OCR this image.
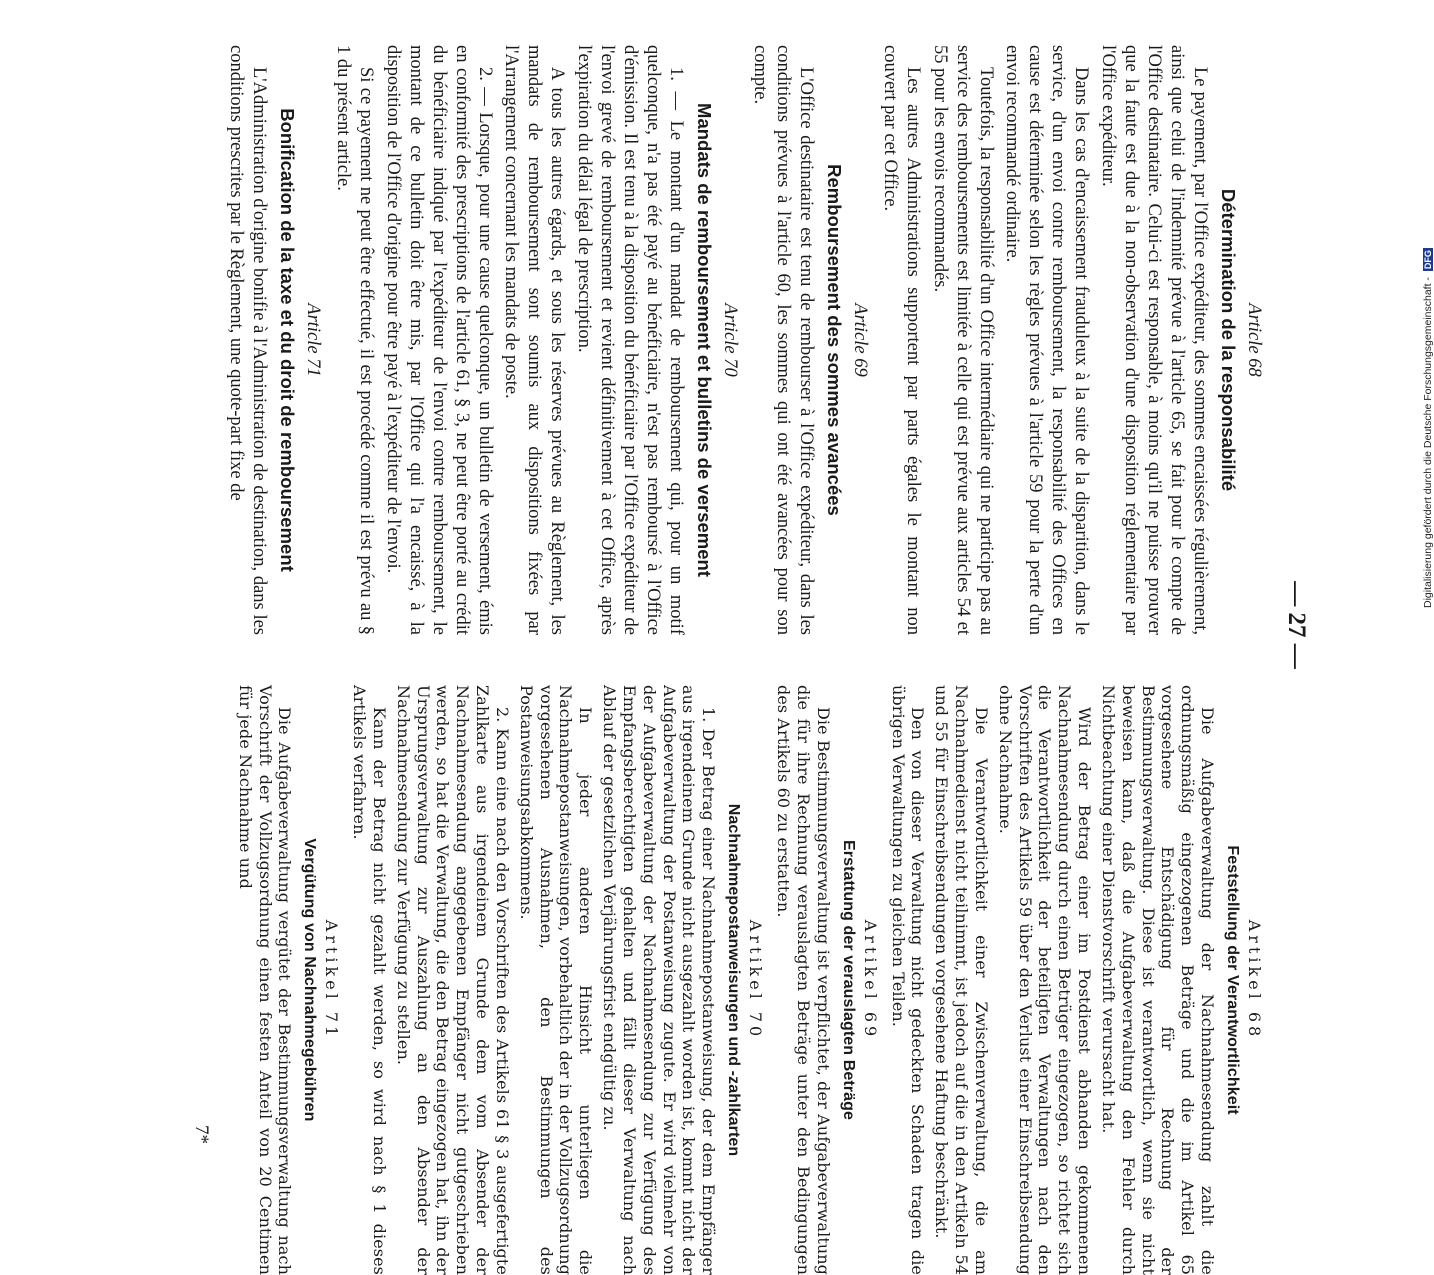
— 27 —
Article 68
Détermination de la responsabilité

Le payement, par l'Office expéditeur, des sommes encaissées régulièrement, ainsi que celui de l'indemnité prévue à l'article 65, se fait pour le compte de l'Office destinataire. Celui-ci est responsable, à moins qu'il ne puisse prouver que la faute est due à la non-observation d'une disposition réglementaire par l'Office expéditeur.

Dans les cas d'encaissement frauduleux à la suite de la disparition, dans le service, d'un envoi contre remboursement, la responsabilité des Offices en cause est déterminée selon les règles prévues à l'article 59 pour la perte d'un envoi recommandé ordinaire.

Toutefois, la responsabilité d'un Office intermédiaire qui ne participe pas au service des remboursements est limitée à celle qui est prévue aux articles 54 et 55 pour les envois recommandés.

Les autres Administrations supportent par parts égales le montant non couvert par cet Office.

Article 69
Remboursement des sommes avancées

L'Office destinataire est tenu de rembourser à l'Office expéditeur, dans les conditions prévues à l'article 60, les sommes qui ont été avancées pour son compte.

Article 70
Mandats de remboursement et bulletins de versement

1. — Le montant d'un mandat de remboursement qui, pour un motif quelconque, n'a pas été payé au bénéficiaire, n'est pas remboursé à l'Office d'émission. Il est tenu à la disposition du bénéficiaire par l'Office expéditeur de l'envoi grevé de remboursement et revient définitivement à cet Office, après l'expiration du délai légal de prescription.

A tous les autres égards, et sous les réserves prévues au Règlement, les mandats de remboursement sont soumis aux dispositions fixées par l'Arrangement concernant les mandats de poste.

2. — Lorsque, pour une cause quelconque, un bulletin de versement, émis en conformité des prescriptions de l'article 61, § 3, ne peut être porté au crédit du bénéficiaire indiqué par l'expéditeur de l'envoi contre remboursement, le montant de ce bulletin doit être mis, par l'Office qui l'a encaissé, à la disposition de l'Office d'origine pour être payé à l'expéditeur de l'envoi.

Si ce payement ne peut être effectué, il est procédé comme il est prévu au § 1 du présent article.

Article 71
Bonification de la taxe et du droit de remboursement

L'Administration d'origine bonifie à l'Administration de destination, dans les conditions prescrites par le Règlement, une quote-part fixe de

Artikel 68
Feststellung der Verantwortlichkeit

Die Aufgabeverwaltung der Nachnahmesendung zahlt die ordnungsmäßig eingezogenen Beträge und die im Artikel 65 vorgesehene Entschädigung für Rechnung der Bestimmungsverwaltung. Diese ist verantwortlich, wenn sie nicht beweisen kann, daß die Aufgabeverwaltung den Fehler durch Nichtbeachtung einer Dienstvorschrift verursacht hat.

Wird der Betrag einer im Postdienst abhanden gekommenen Nachnahmesendung durch einen Betrüger eingezogen, so richtet sich die Verantwortlichkeit der beteiligten Verwaltungen nach den Vorschriften des Artikels 59 über den Verlust einer Einschreibsendung ohne Nachnahme.

Die Verantwortlichkeit einer Zwischenverwaltung, die am Nachnahmedienst nicht teilnimmt, ist jedoch auf die in den Artikeln 54 und 55 für Einschreibsendungen vorgesehene Haftung beschränkt.

Den von dieser Verwaltung nicht gedeckten Schaden tragen die übrigen Verwaltungen zu gleichen Teilen.

Artikel 69
Erstattung der verauslagten Beträge

Die Bestimmungsverwaltung ist verpflichtet, der Aufgabeverwaltung die für ihre Rechnung verauslagten Beträge unter den Bedingungen des Artikels 60 zu erstatten.

Artikel 70
Nachnahmepostanweisungen und -zahlkarten

1. Der Betrag einer Nachnahmepostanweisung, der dem Empfänger aus irgendeinem Grunde nicht ausgezahlt worden ist, kommt nicht der Aufgabeverwaltung der Postanweisung zugute. Er wird vielmehr von der Aufgabeverwaltung der Nachnahmesendung zur Verfügung des Empfangsberechtigten gehalten und fällt dieser Verwaltung nach Ablauf der gesetzlichen Verjährungsfrist endgültig zu.

In jeder anderen Hinsicht unterliegen die Nachnahmepostanweisungen, vorbehaltlich der in der Vollzugsordnung vorgesehenen Ausnahmen, den Bestimmungen des Postanweisungsabkommens.

2. Kann eine nach den Vorschriften des Artikels 61 § 3 ausgefertigte Zahlkarte aus irgendeinem Grunde dem vom Absender der Nachnahmesendung angegebenen Empfänger nicht gutgeschrieben werden, so hat die Verwaltung, die den Betrag eingezogen hat, ihn der Ursprungsverwaltung zur Auszahlung an den Absender der Nachnahmesendung zur Verfügung zu stellen.

Kann der Betrag nicht gezahlt werden, so wird nach § 1 dieses Artikels verfahren.

Artikel 71
Vergütung von Nachnahmegebühren

Die Aufgabeverwaltung vergütet der Bestimmungsverwaltung nach Vorschrift der Vollzugsordnung einen festen Anteil von 20 Centimen für jede Nachnahme und

7*
Digitalisierung gefördert durch die Deutsche Forschungsgemeinschaft - DFG
